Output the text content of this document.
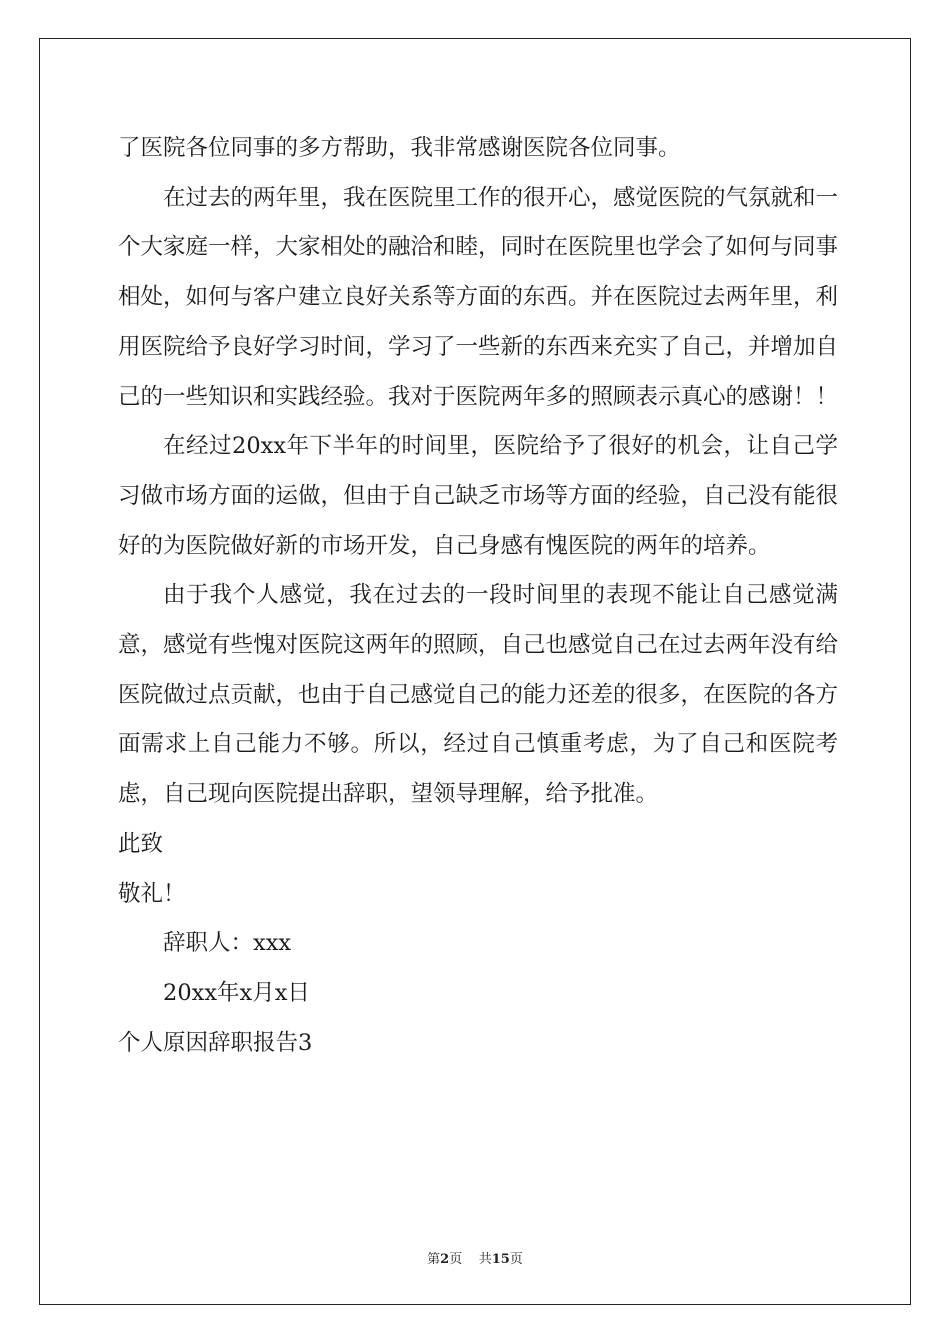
了医院各位同事的多方帮助，我非常感谢医院各位同事。

在过去的两年里，我在医院里工作的很开心，感觉医院的气氛就和一个大家庭一样，大家相处的融洽和睦，同时在医院里也学会了如何与同事相处，如何与客户建立良好关系等方面的东西。并在医院过去两年里，利用医院给予良好学习时间，学习了一些新的东西来充实了自己，并增加自己的一些知识和实践经验。我对于医院两年多的照顾表示真心的感谢！！

在经过20xx年下半年的时间里，医院给予了很好的机会，让自己学习做市场方面的运做，但由于自己缺乏市场等方面的经验，自己没有能很好的为医院做好新的市场开发，自己身感有愧医院的两年的培养。

由于我个人感觉，我在过去的一段时间里的表现不能让自己感觉满意，感觉有些愧对医院这两年的照顾，自己也感觉自己在过去两年没有给医院做过点贡献，也由于自己感觉自己的能力还差的很多，在医院的各方面需求上自己能力不够。所以，经过自己慎重考虑，为了自己和医院考虑，自己现向医院提出辞职，望领导理解，给予批准。

此致

敬礼！

辞职人：xxx

20xx年x月x日

个人原因辞职报告3

第2页 共15页
